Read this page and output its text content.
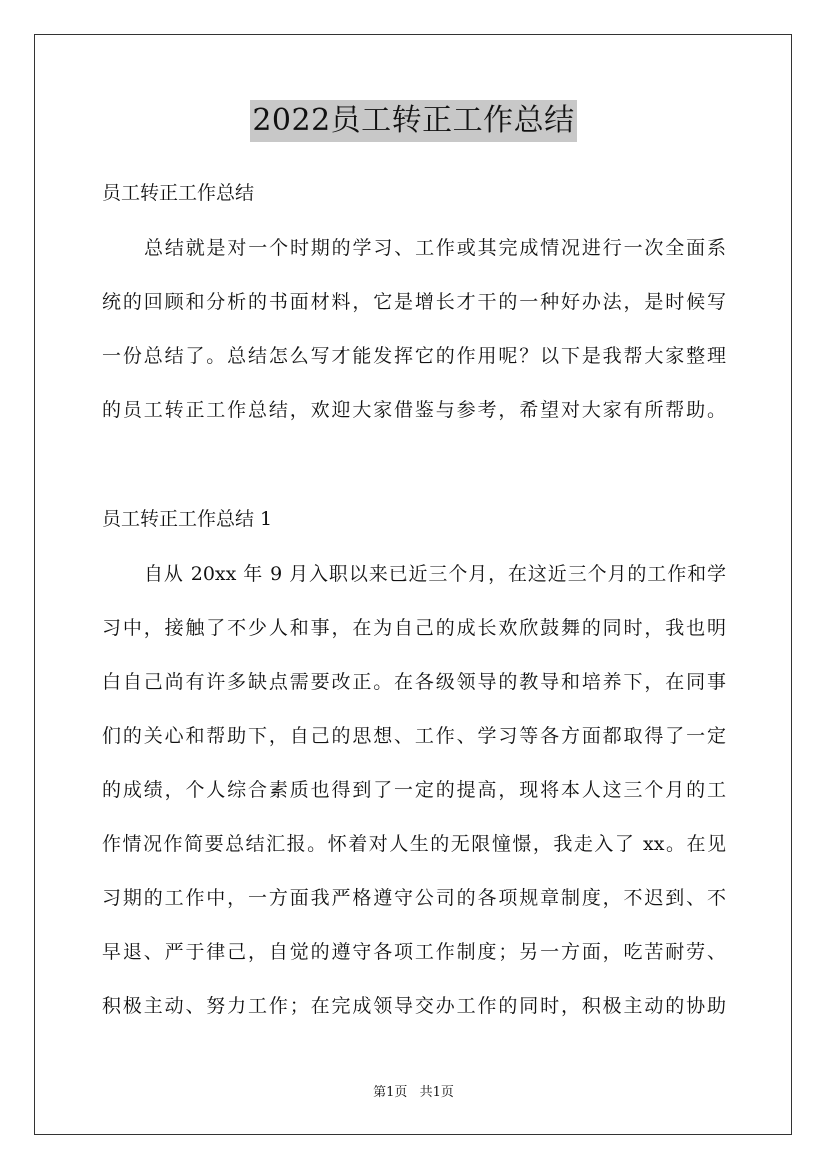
2022员工转正工作总结
员工转正工作总结
总结就是对一个时期的学习、工作或其完成情况进行一次全面系
统的回顾和分析的书面材料，它是增长才干的一种好办法，是时候写
一份总结了。总结怎么写才能发挥它的作用呢？以下是我帮大家整理
的员工转正工作总结，欢迎大家借鉴与参考，希望对大家有所帮助。
员工转正工作总结 1
自从 20xx 年 9 月入职以来已近三个月，在这近三个月的工作和学
习中，接触了不少人和事，在为自己的成长欢欣鼓舞的同时，我也明
白自己尚有许多缺点需要改正。在各级领导的教导和培养下，在同事
们的关心和帮助下，自己的思想、工作、学习等各方面都取得了一定
的成绩，个人综合素质也得到了一定的提高，现将本人这三个月的工
作情况作简要总结汇报。怀着对人生的无限憧憬，我走入了 xx。在见
习期的工作中，一方面我严格遵守公司的各项规章制度，不迟到、不
早退、严于律己，自觉的遵守各项工作制度；另一方面，吃苦耐劳、
积极主动、努力工作；在完成领导交办工作的同时，积极主动的协助
第1页 共1页
